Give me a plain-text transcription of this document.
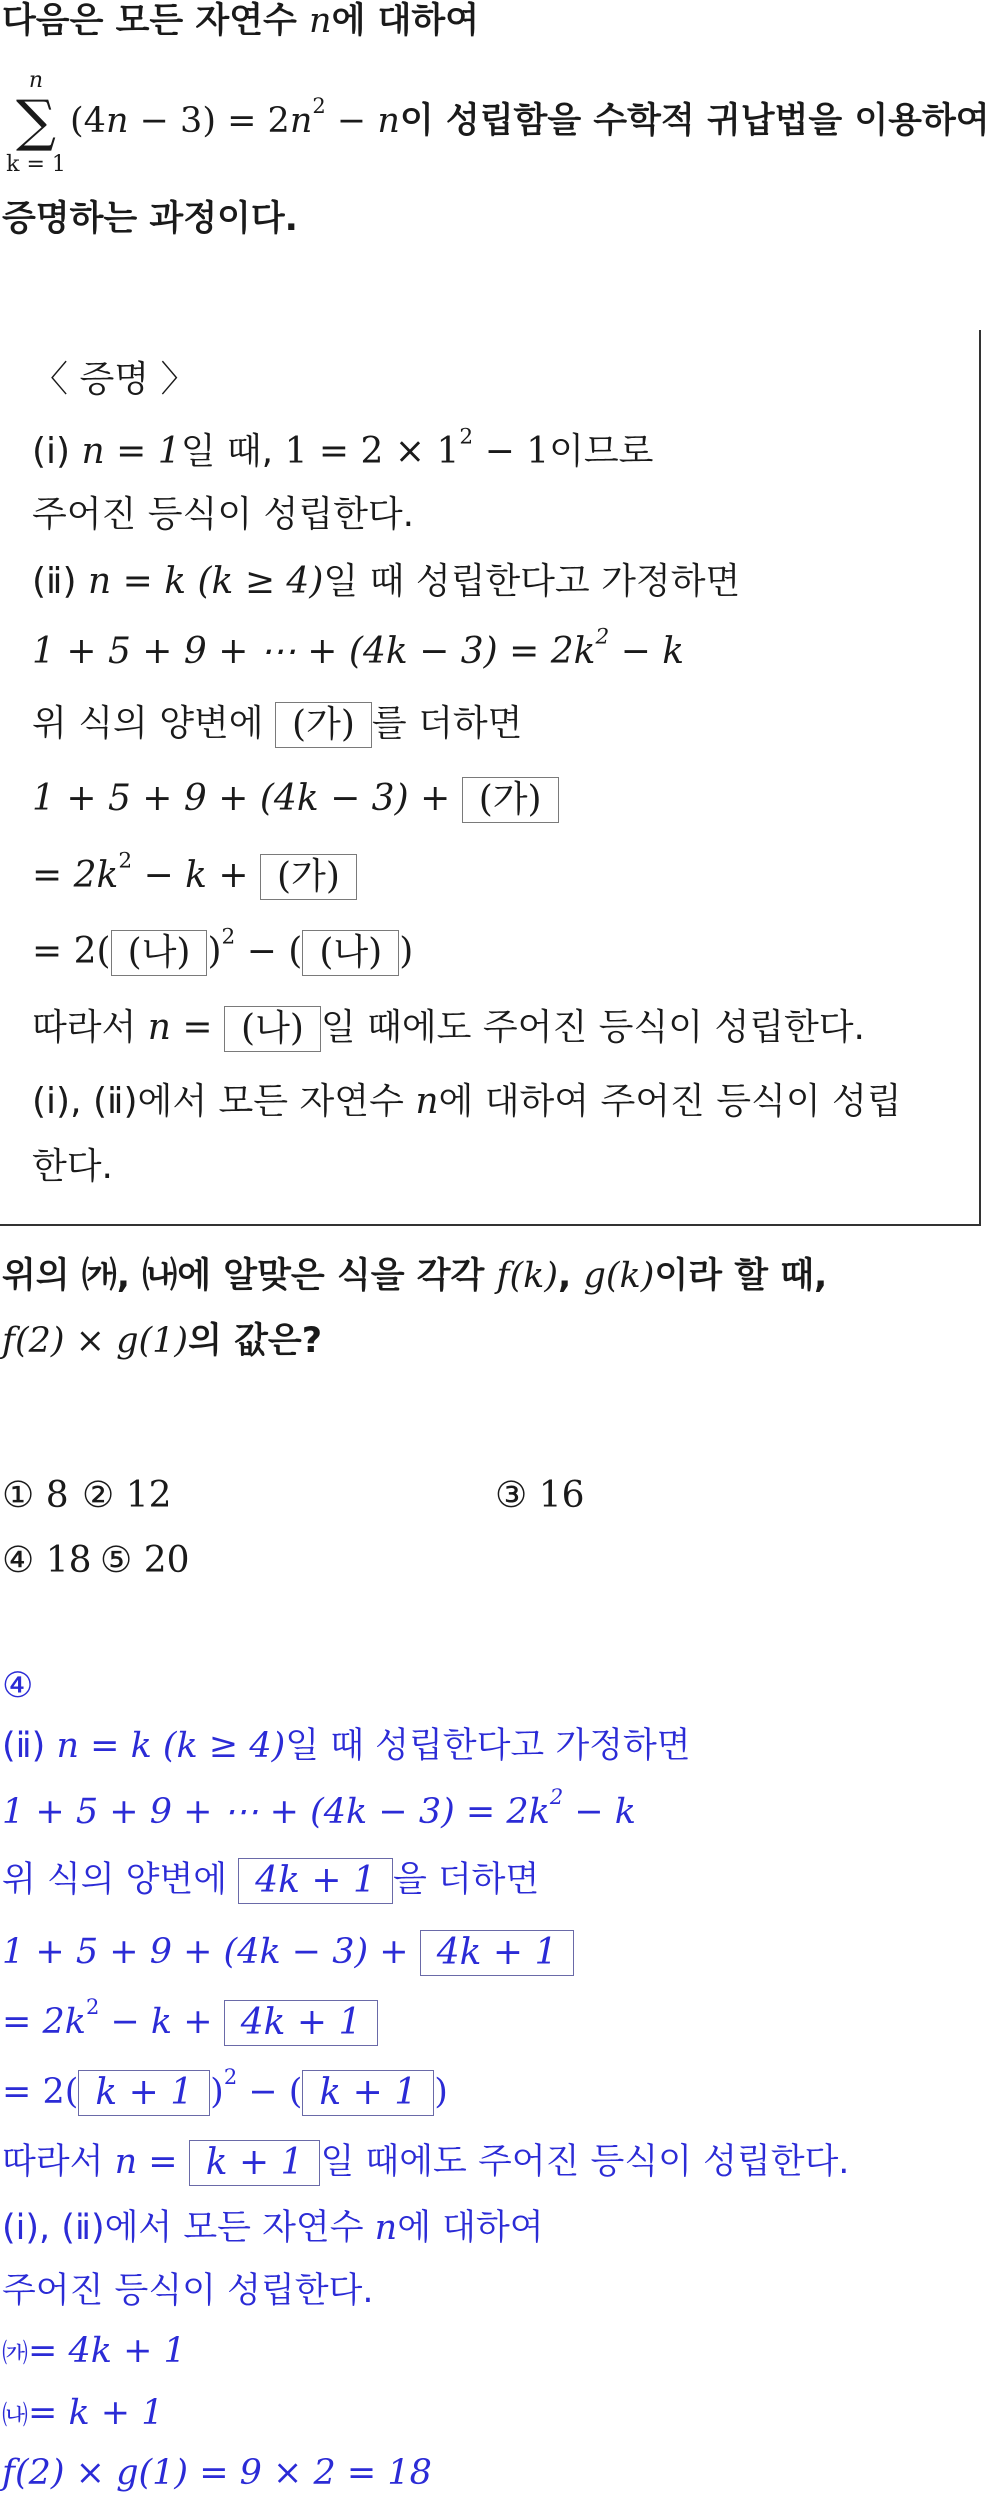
다음은 모든 자연수 n에 대하여
n
∑
k = 1
$(4n - 3) = 2n^2 - n$이 성립함을 수학적 귀납법을 이용하여
증명하는 과정이다.
〈 증명 〉
(ⅰ) n = 1일 때, $1 = 2 \times 1^2 - 1$이므로
주어진 등식이 성립한다.
(ⅱ) n = k (k ≥ 4)일 때 성립한다고 가정하면
1 + 5 + 9 + ⋯ + $(4k - 3) = 2k^2 - k$
위 식의 양변에 (가) 를 더하면
1 + 5 + 9 + (4k − 3) + (가)
= $2k^2 - k$ + (가)
= 2( (나) )$^2$ − ( (나) )
따라서 n = (나) 일 때에도 주어진 등식이 성립한다.
(ⅰ), (ⅱ)에서 모든 자연수 n에 대하여 주어진 등식이 성립
한다.
위의 ㈎, ㈏에 알맞은 식을 각각 f(k), g(k)이라 할 때,
f(2) × g(1)의 값은?
① 8 ② 12	③ 16
④ 18 ⑤ 20
④
(ⅱ) n = k (k ≥ 4)일 때 성립한다고 가정하면
1 + 5 + 9 + ⋯ + $(4k - 3) = 2k^2 - k$
위 식의 양변에 4k + 1 을 더하면
1 + 5 + 9 + (4k − 3) + 4k + 1
= $2k^2 - k + 4k + 1$
= 2( k + 1 )$^2$ − ( k + 1 )
따라서 n = k + 1 일 때에도 주어진 등식이 성립한다.
(ⅰ), (ⅱ)에서 모든 자연수 n에 대하여
주어진 등식이 성립한다.
㈎= 4k + 1
㈏= k + 1
f(2) × g(1) = 9 × 2 = 18
